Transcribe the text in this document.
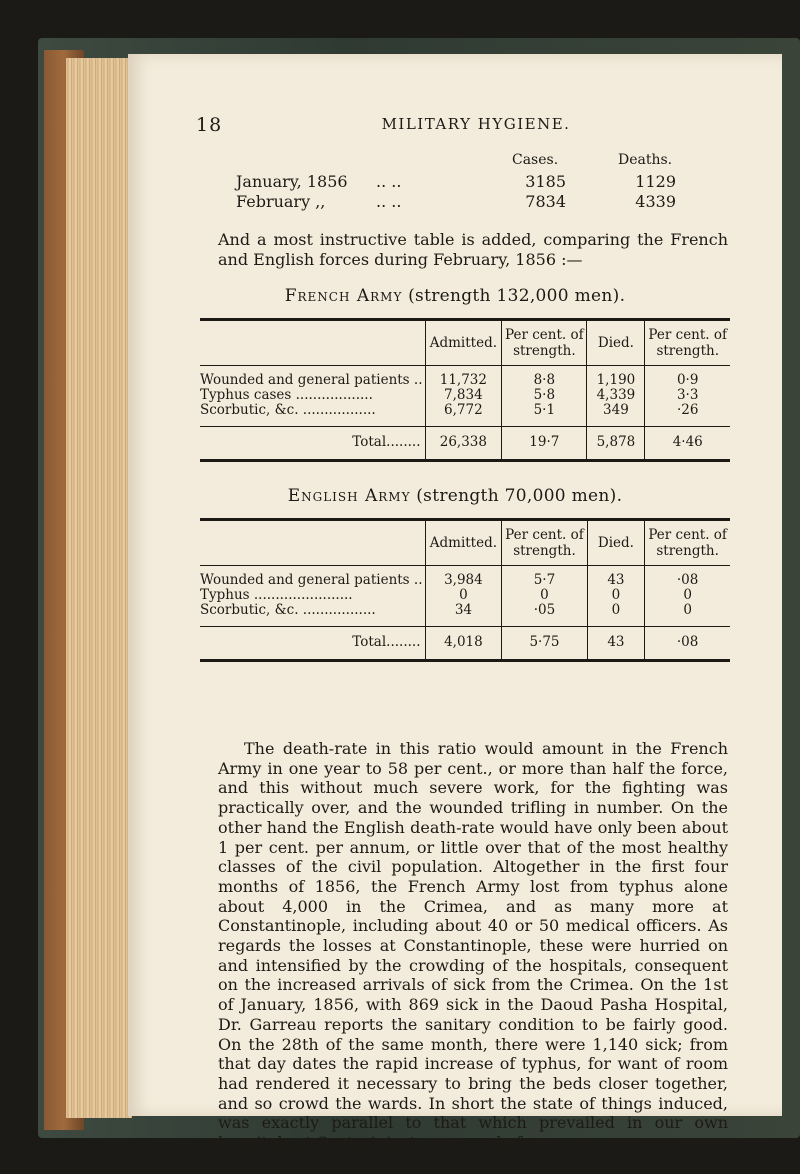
18	MILITARY HYGIENE.
Cases.	Deaths.
January, 1856 .. ..	3185	1129
February ,,	.. ..	7834	4339
And a most instructive table is added, comparing the French and English forces during February, 1856 :—
French Army (strength 132,000 men).
	Admitted.	Per cent. of strength.	Died.	Per cent. of strength.
Wounded and general patients ..	11,732	8·8	1,190	0·9
Typhus cases ..................	7,834	5·8	4,339	3·3
Scorbutic, &c. .................	6,772	5·1	349	·26
Total........	26,338	19·7	5,878	4·46
English Army (strength 70,000 men).
	Admitted.	Per cent. of strength.	Died.	Per cent. of strength.
Wounded and general patients ..	3,984	5·7	43	·08
Typhus .......................	0	0	0	0
Scorbutic, &c. .................	34	·05	0	0
Total........	4,018	5·75	43	·08
The death-rate in this ratio would amount in the French Army in one year to 58 per cent., or more than half the force, and this without much severe work, for the fighting was practically over, and the wounded trifling in number. On the other hand the English death-rate would have only been about 1 per cent. per annum, or little over that of the most healthy classes of the civil population. Altogether in the first four months of 1856, the French Army lost from typhus alone about 4,000 in the Crimea, and as many more at Constantinople, including about 40 or 50 medical officers. As regards the losses at Constantinople, these were hurried on and intensified by the crowding of the hospitals, consequent on the increased arrivals of sick from the Crimea. On the 1st of January, 1856, with 869 sick in the Daoud Pasha Hospital, Dr. Garreau reports the sanitary condition to be fairly good. On the 28th of the same month, there were 1,140 sick; from that day dates the rapid increase of typhus, for want of room had rendered it necessary to bring the beds closer together, and so crowd the wards. In short the state of things induced, was exactly parallel to that which prevailed in our own hospitals at Scutari, just one year before.
